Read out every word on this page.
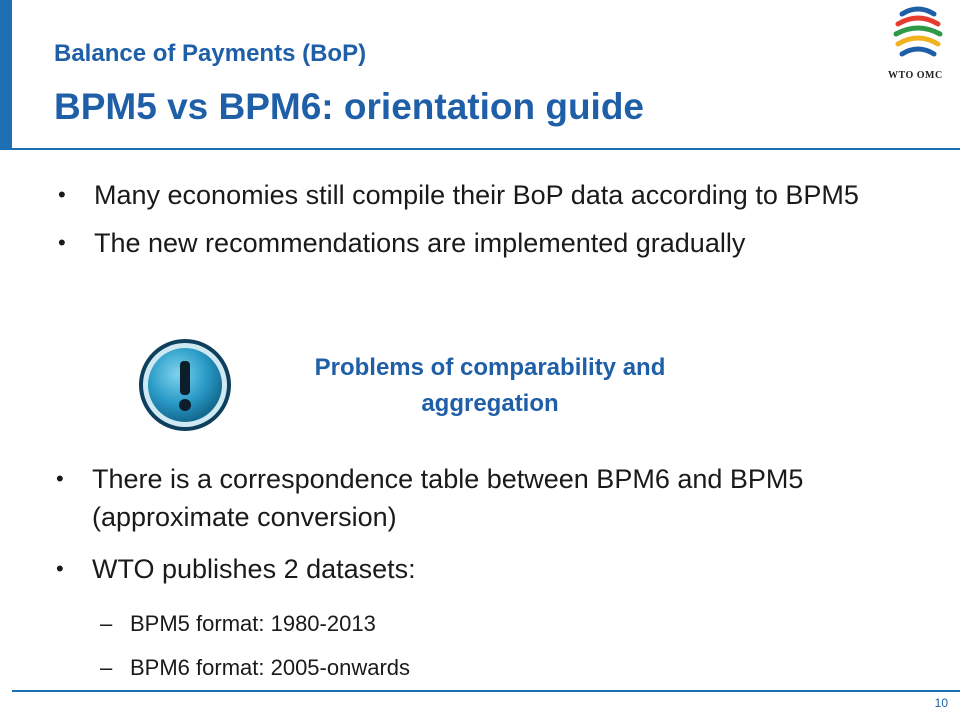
Balance of Payments (BoP)
BPM5 vs BPM6: orientation guide
WTO OMC
• Many economies still compile their BoP data according to BPM5
• The new recommendations are implemented gradually
Problems of comparability and aggregation
• There is a correspondence table between BPM6 and BPM5 (approximate conversion)
• WTO publishes 2 datasets:
– BPM5 format: 1980-2013
– BPM6 format: 2005-onwards
10
